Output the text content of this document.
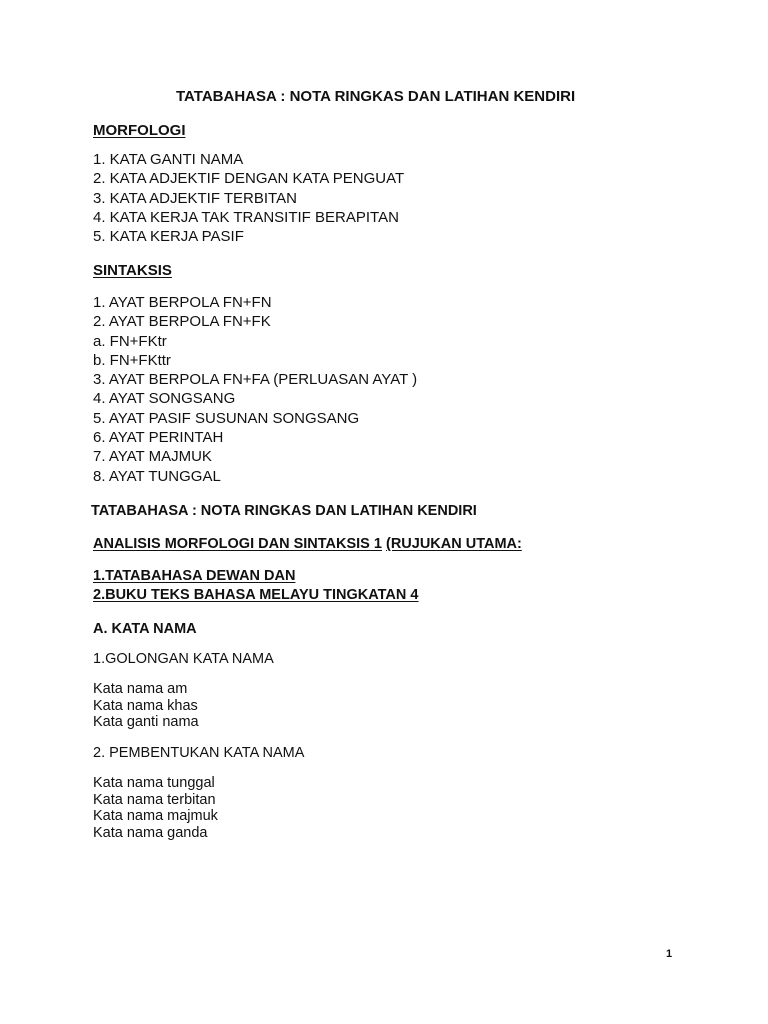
TATABAHASA : NOTA RINGKAS DAN LATIHAN KENDIRI

MORFOLOGI

1. KATA GANTI NAMA
2. KATA ADJEKTIF DENGAN KATA PENGUAT
3. KATA ADJEKTIF TERBITAN
4. KATA KERJA TAK TRANSITIF BERAPITAN
5. KATA KERJA PASIF

SINTAKSIS

1. AYAT BERPOLA FN+FN
2. AYAT BERPOLA FN+FK
a. FN+FKtr
b. FN+FKttr
3. AYAT BERPOLA FN+FA (PERLUASAN AYAT )
4. AYAT SONGSANG
5. AYAT PASIF SUSUNAN SONGSANG
6. AYAT PERINTAH
7. AYAT MAJMUK
8. AYAT TUNGGAL

TATABAHASA : NOTA RINGKAS DAN LATIHAN KENDIRI

ANALISIS MORFOLOGI DAN SINTAKSIS 1 (RUJUKAN UTAMA:

1.TATABAHASA DEWAN DAN

2.BUKU TEKS BAHASA MELAYU TINGKATAN 4

A. KATA NAMA

1.GOLONGAN KATA NAMA

Kata nama am
Kata nama khas
Kata ganti nama

2. PEMBENTUKAN KATA NAMA

Kata nama tunggal
Kata nama terbitan
Kata nama majmuk
Kata nama ganda

1
